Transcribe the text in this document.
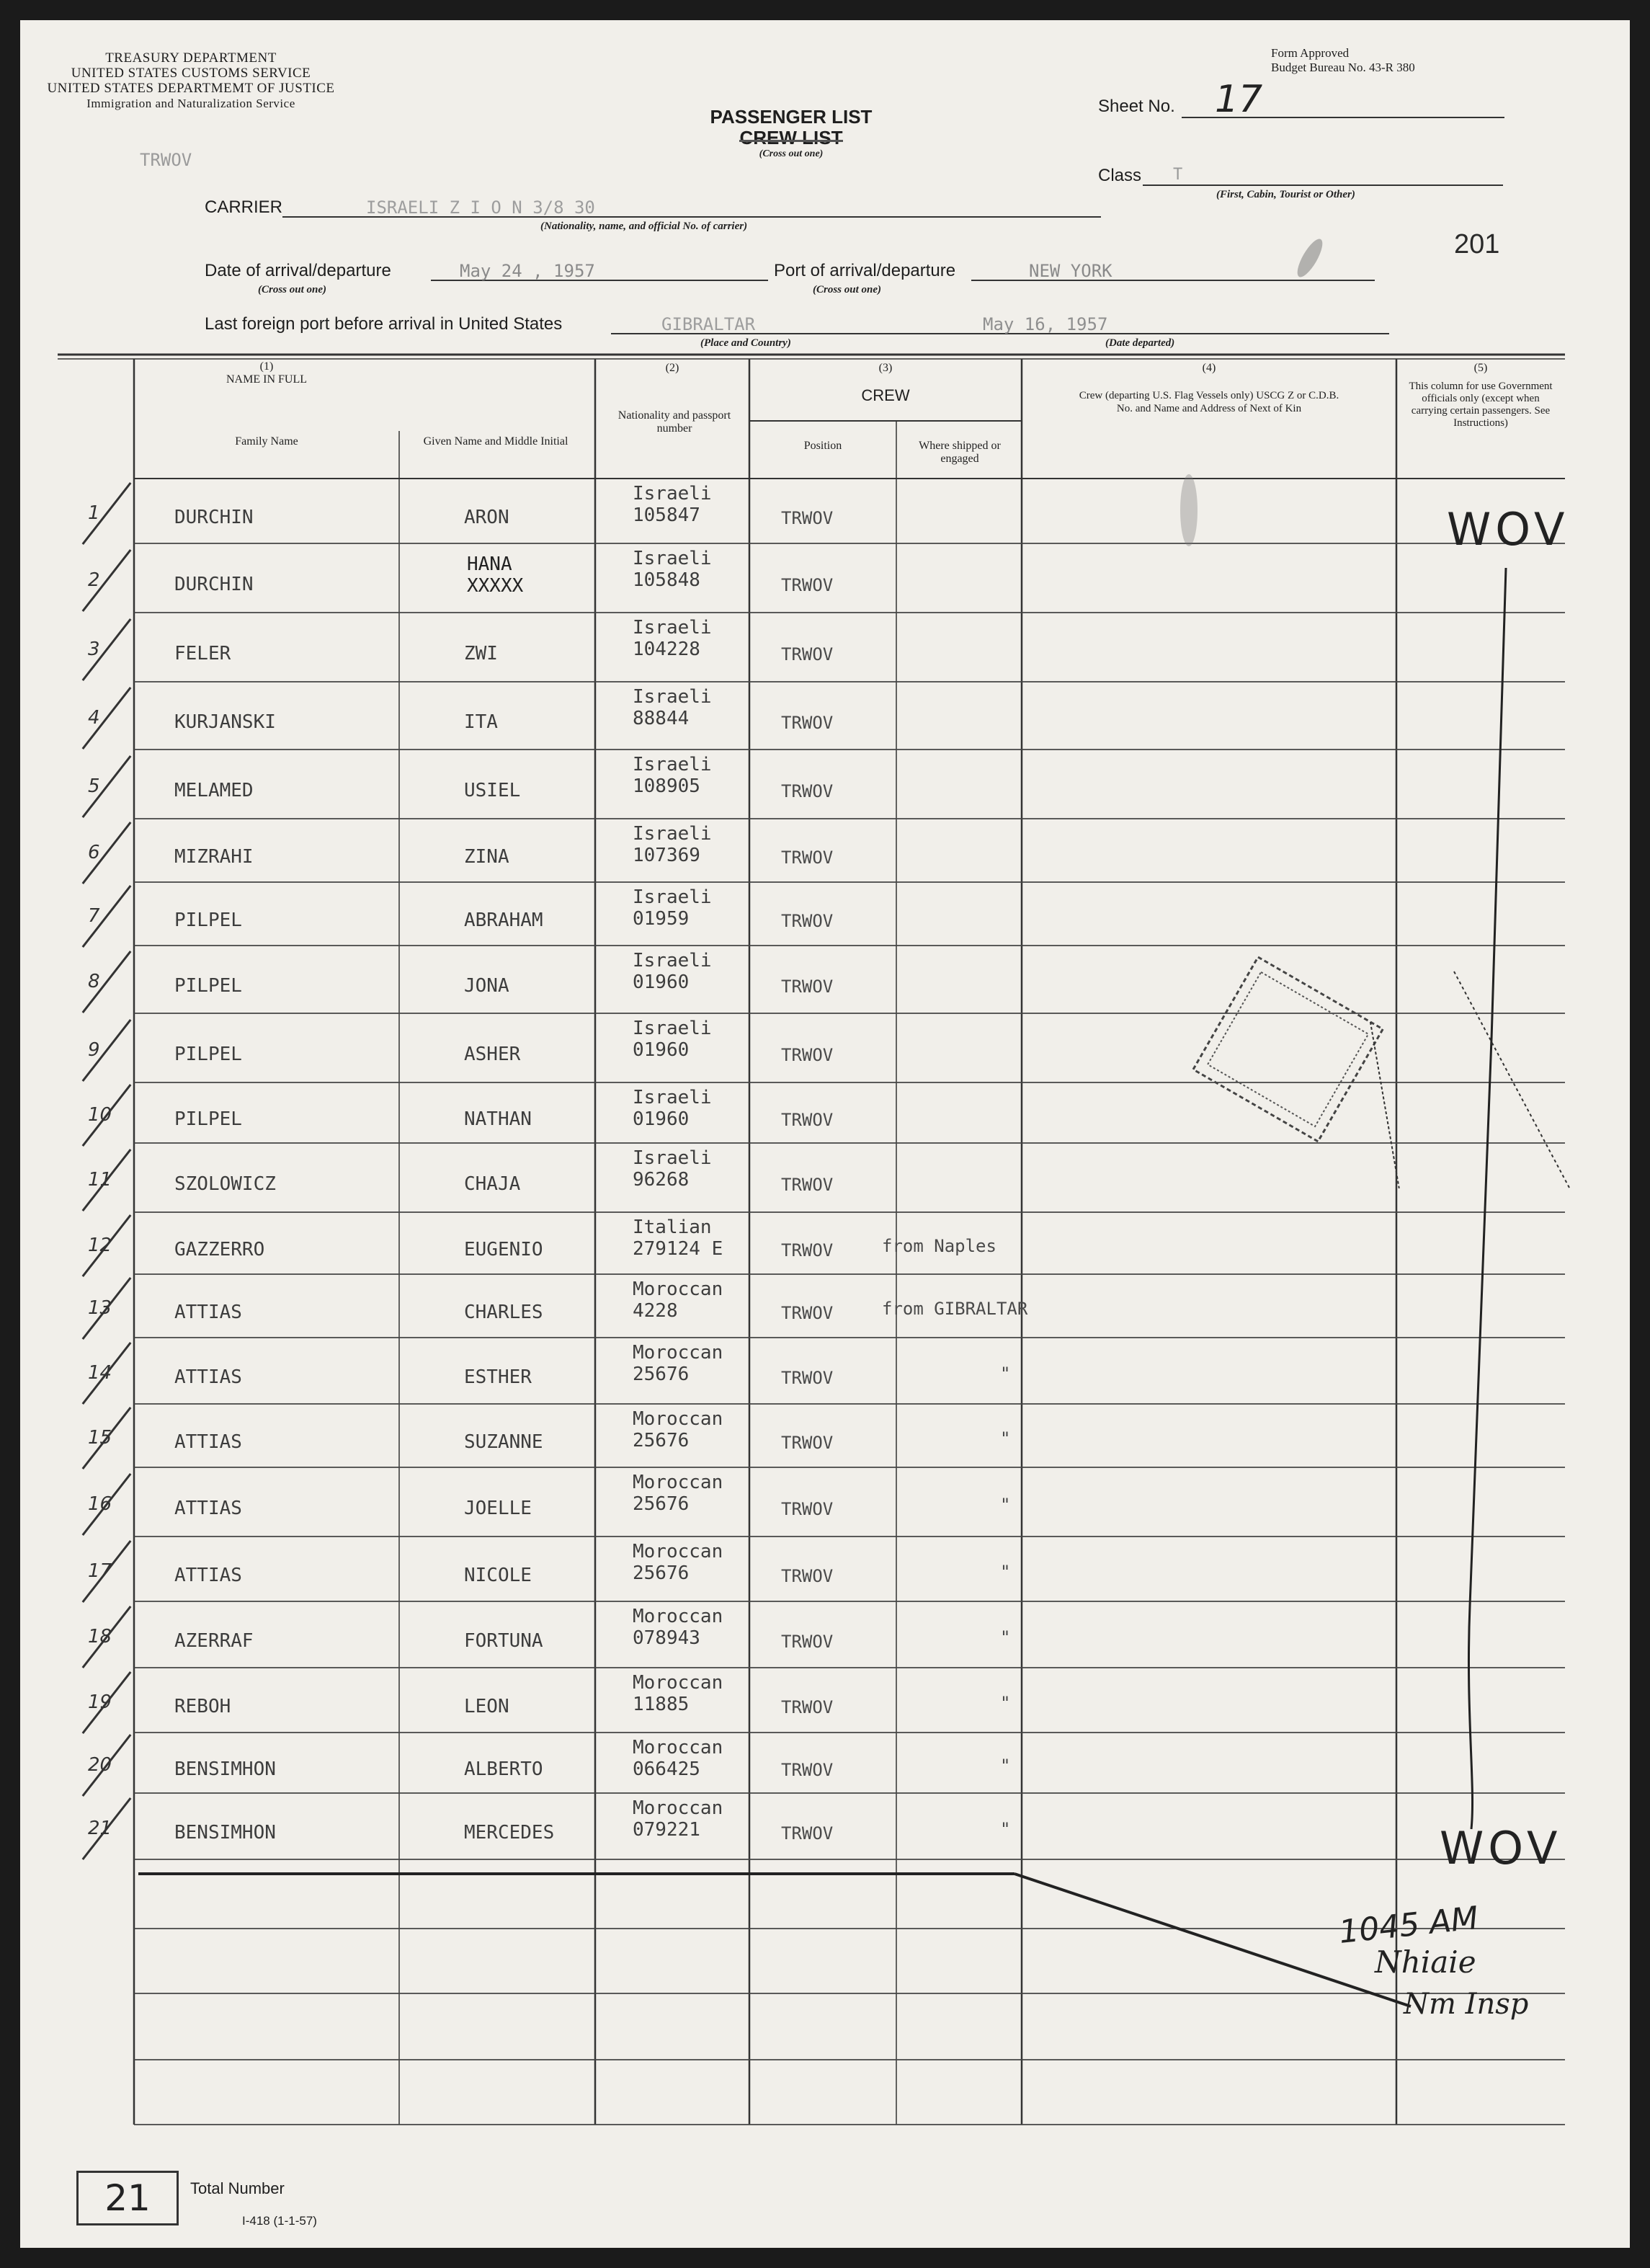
TREASURY DEPARTMENT
UNITED STATES CUSTOMS SERVICE
UNITED STATES DEPARTMEMT OF JUSTICE
Immigration and Naturalization Service
Form Approved
Budget Bureau No. 43-R 380
PASSENGER LIST
CREW LIST
(Cross out one)
TRWOV
Sheet No. 17
Class T
(First, Cabin, Tourist or Other)
201
CARRIER	ISRAELI Z I O N 3/8 30
(Nationality, name, and official No. of carrier)
Date of arrival/departure	May 24 , 1957
(Cross out one)
Port of arrival/departure	NEW YORK
(Cross out one)
Last foreign port before arrival in United States	GIBRALTAR
(Place and Country)
May 16, 1957
(Date departed)
(1)
NAME IN FULL
Family Name	Given Name and Middle Initial
(2)
Nationality and passport number
(3)
CREW
Position	Where shipped or engaged
(4)
Crew (departing U.S. Flag Vessels only) USCG Z or C.D.B. No. and Name and Address of Next of Kin
(5)
This column for use Government officials only (except when carrying certain passengers. See Instructions)
1	DURCHIN	ARON
Israeli
105847	TRWOV
2	DURCHIN
HANA
XXXXX
Israeli
105848	TRWOV
3	FELER	ZWI
Israeli
104228	TRWOV
4	KURJANSKI	ITA
Israeli
88844	TRWOV
5	MELAMED	USIEL
Israeli
108905	TRWOV
6	MIZRAHI	ZINA
Israeli
107369	TRWOV
7	PILPEL	ABRAHAM
Israeli
01959	TRWOV
8	PILPEL	JONA
Israeli
01960	TRWOV
9	PILPEL	ASHER
Israeli
01960	TRWOV
10	PILPEL	NATHAN
Israeli
01960	TRWOV
11	SZOLOWICZ	CHAJA
Israeli
96268	TRWOV
12	GAZZERRO	EUGENIO
Italian
279124 E	TRWOV	from Naples
13	ATTIAS	CHARLES
Moroccan
4228	TRWOV	from GIBRALTAR
14	ATTIAS	ESTHER
Moroccan
25676	TRWOV	"
15	ATTIAS	SUZANNE
Moroccan
25676	TRWOV	"
16	ATTIAS	JOELLE
Moroccan
25676	TRWOV	"
17	ATTIAS	NICOLE
Moroccan
25676	TRWOV	"
18	AZERRAF	FORTUNA
Moroccan
078943	TRWOV	"
19	REBOH	LEON
Moroccan
11885	TRWOV	"
20	BENSIMHON	ALBERTO
Moroccan
066425	TRWOV	"
21	BENSIMHON	MERCEDES
Moroccan
079221	TRWOV	"
WOV
WOV
1045 AM
Nhiaie
Nm Insp
21	Total Number
I-418 (1-1-57)
